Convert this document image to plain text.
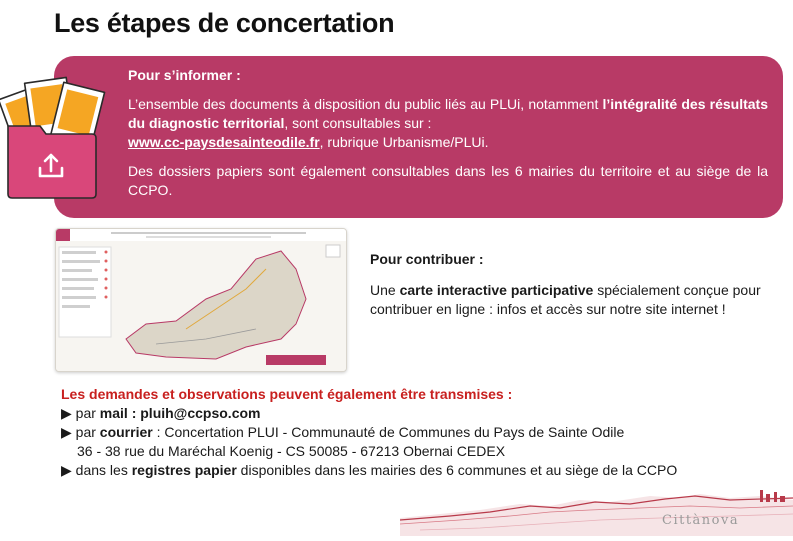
Les étapes de concertation
Pour s’informer :

L’ensemble des documents à disposition du public liés au PLUi, notamment l’intégralité des résultats du diagnostic territorial, sont consultables sur :
www.cc-paysdesainteodile.fr, rubrique Urbanisme/PLUi.

Des dossiers papiers sont également consultables dans les 6 mairies du territoire et au siège de la CCPO.

Pour contribuer :
Une carte interactive participative spécialement conçue pour contribuer en ligne : infos et accès sur notre site internet !
Les demandes et observations peuvent également être transmises :
▶ par mail : pluih@ccpso.com
▶ par courrier : Concertation PLUI - Communauté de Communes du Pays de Sainte Odile
36 - 38 rue du Maréchal Koenig - CS 50085 - 67213 Obernai CEDEX
▶ dans les registres papier disponibles dans les mairies des 6 communes et au siège de la CCPO
Cittànova
